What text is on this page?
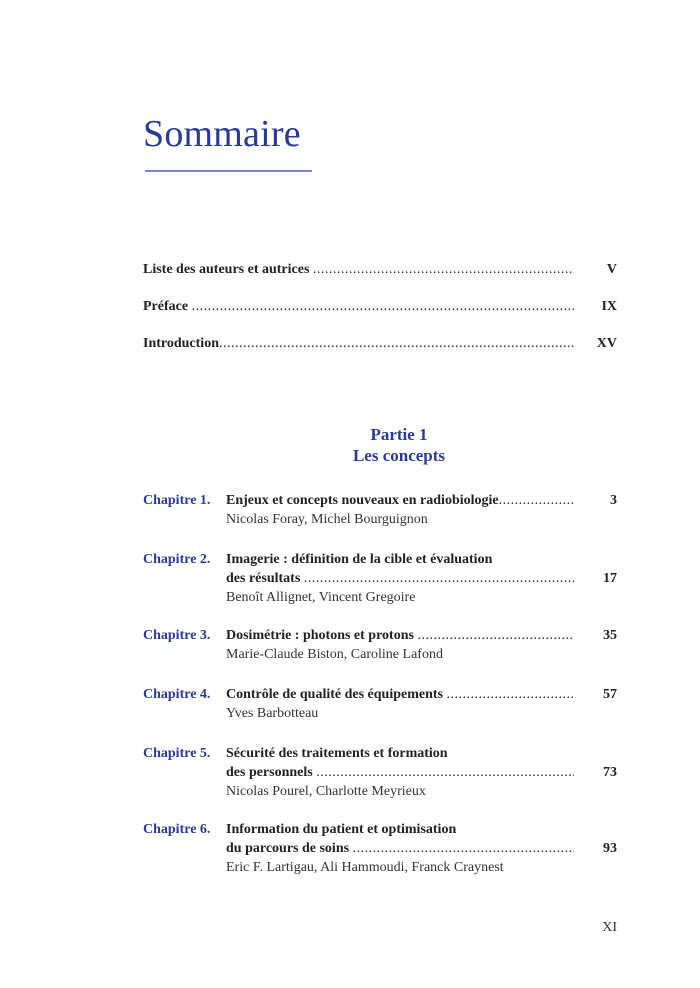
Sommaire
Liste des auteurs et autrices
.....	V
Préface
.....	IX
Introduction .....	XV
Partie 1
Les concepts
Chapitre 1. Enjeux et concepts nouveaux en radiobiologie .....	3
Nicolas Foray, Michel Bourguignon
Chapitre 2. Imagerie : définition de la cible et évaluation
des résultats
.....	17
Benoît Allignet, Vincent Gregoire
Chapitre 3. Dosimétrie : photons et protons
.....	35
Marie-Claude Biston, Caroline Lafond
Chapitre 4. Contrôle de qualité des équipements
.....	57
Yves Barbotteau
Chapitre 5. Sécurité des traitements et formation
des personnels
.....	73
Nicolas Pourel, Charlotte Meyrieux
Chapitre 6. Information du patient et optimisation
du parcours de soins
.....	93
Eric F. Lartigau, Ali Hammoudi, Franck Craynest
XI
